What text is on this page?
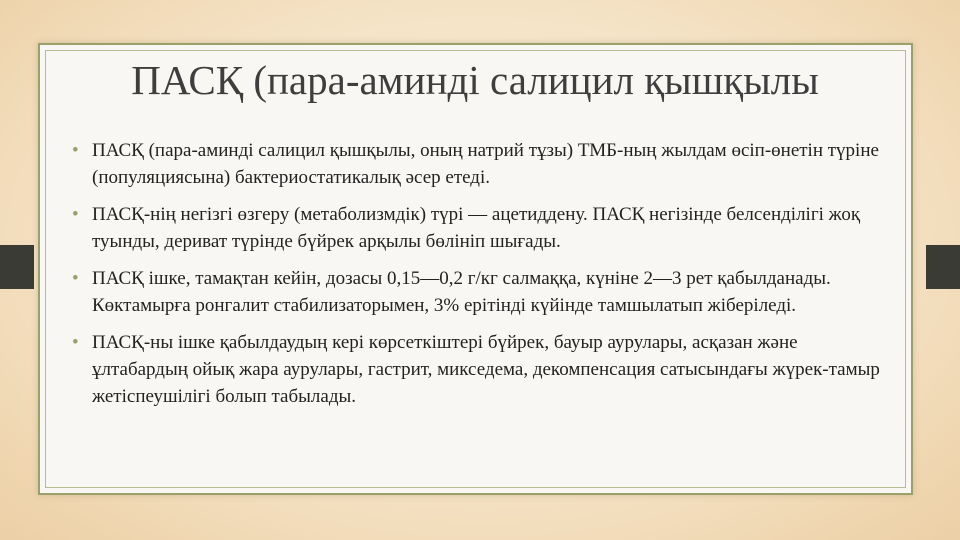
ПАСҚ (пара-аминді салицил қышқылы
• ПАСҚ (пара-аминді салицил қышқылы, оның натрий тұзы) ТМБ-ның жылдам өсіп-өнетін түріне (популяциясына) бактериостатикалық әсер етеді.
• ПАСҚ-нің негізгі өзгеру (метаболизмдік) түрі — ацетиддену. ПАСҚ негізінде белсенділігі жоқ туынды, дериват түрінде бүйрек арқылы бөлініп шығады.
• ПАСҚ ішке, тамақтан кейін, дозасы 0,15—0,2 г/кг салмаққа, күніне 2—3 рет қабылданады. Көктамырға ронгалит стабилизаторымен, 3% ерітінді күйінде тамшылатып жіберіледі.
• ПАСҚ-ны ішке қабылдаудың кері көрсеткіштері бүйрек, бауыр аурулары, асқазан және ұлтабардың ойық жара аурулары, гастрит, микседема, декомпенсация сатысындағы жүрек-тамыр жетіспеушілігі болып табылады.
